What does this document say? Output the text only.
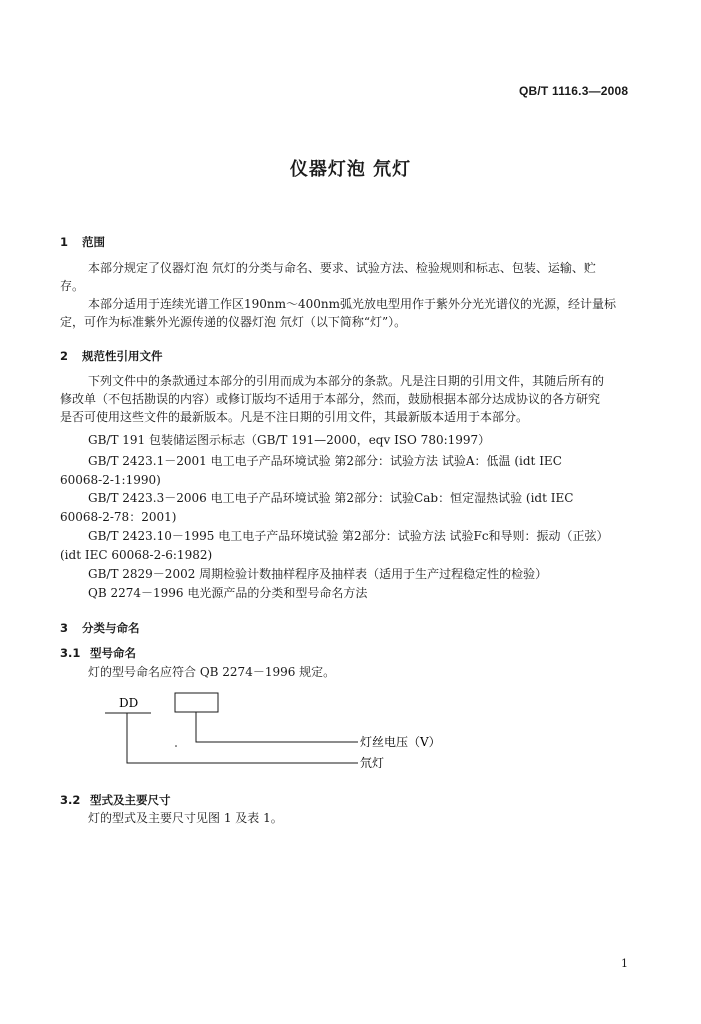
QB/T 1116.3—2008
仪器灯泡 氘灯
1 范围
本部分规定了仪器灯泡 氘灯的分类与命名、要求、试验方法、检验规则和标志、包装、运输、贮
存。
本部分适用于连续光谱工作区190nm～400nm弧光放电型用作于紫外分光光谱仪的光源，经计量标
定，可作为标准紫外光源传递的仪器灯泡 氘灯（以下简称“灯”）。
2 规范性引用文件
下列文件中的条款通过本部分的引用而成为本部分的条款。凡是注日期的引用文件，其随后所有的
修改单（不包括勘误的内容）或修订版均不适用于本部分，然而，鼓励根据本部分达成协议的各方研究
是否可使用这些文件的最新版本。凡是不注日期的引用文件，其最新版本适用于本部分。
GB/T 191 包装储运图示标志（GB/T 191—2000，eqv ISO 780:1997）
GB/T 2423.1－2001 电工电子产品环境试验 第2部分：试验方法 试验A：低温 (idt IEC
60068-2-1:1990)
GB/T 2423.3－2006 电工电子产品环境试验 第2部分：试验Cab：恒定湿热试验 (idt IEC
60068-2-78：2001)
GB/T 2423.10－1995 电工电子产品环境试验 第2部分：试验方法 试验Fc和导则：振动（正弦）
(idt IEC 60068-2-6:1982)
GB/T 2829－2002 周期检验计数抽样程序及抽样表（适用于生产过程稳定性的检验）
QB 2274－1996 电光源产品的分类和型号命名方法
3 分类与命名
3.1 型号命名
灯的型号命名应符合 QB 2274－1996 规定。
DD
灯丝电压（V）
氘灯
3.2 型式及主要尺寸
灯的型式及主要尺寸见图 1 及表 1。
1
